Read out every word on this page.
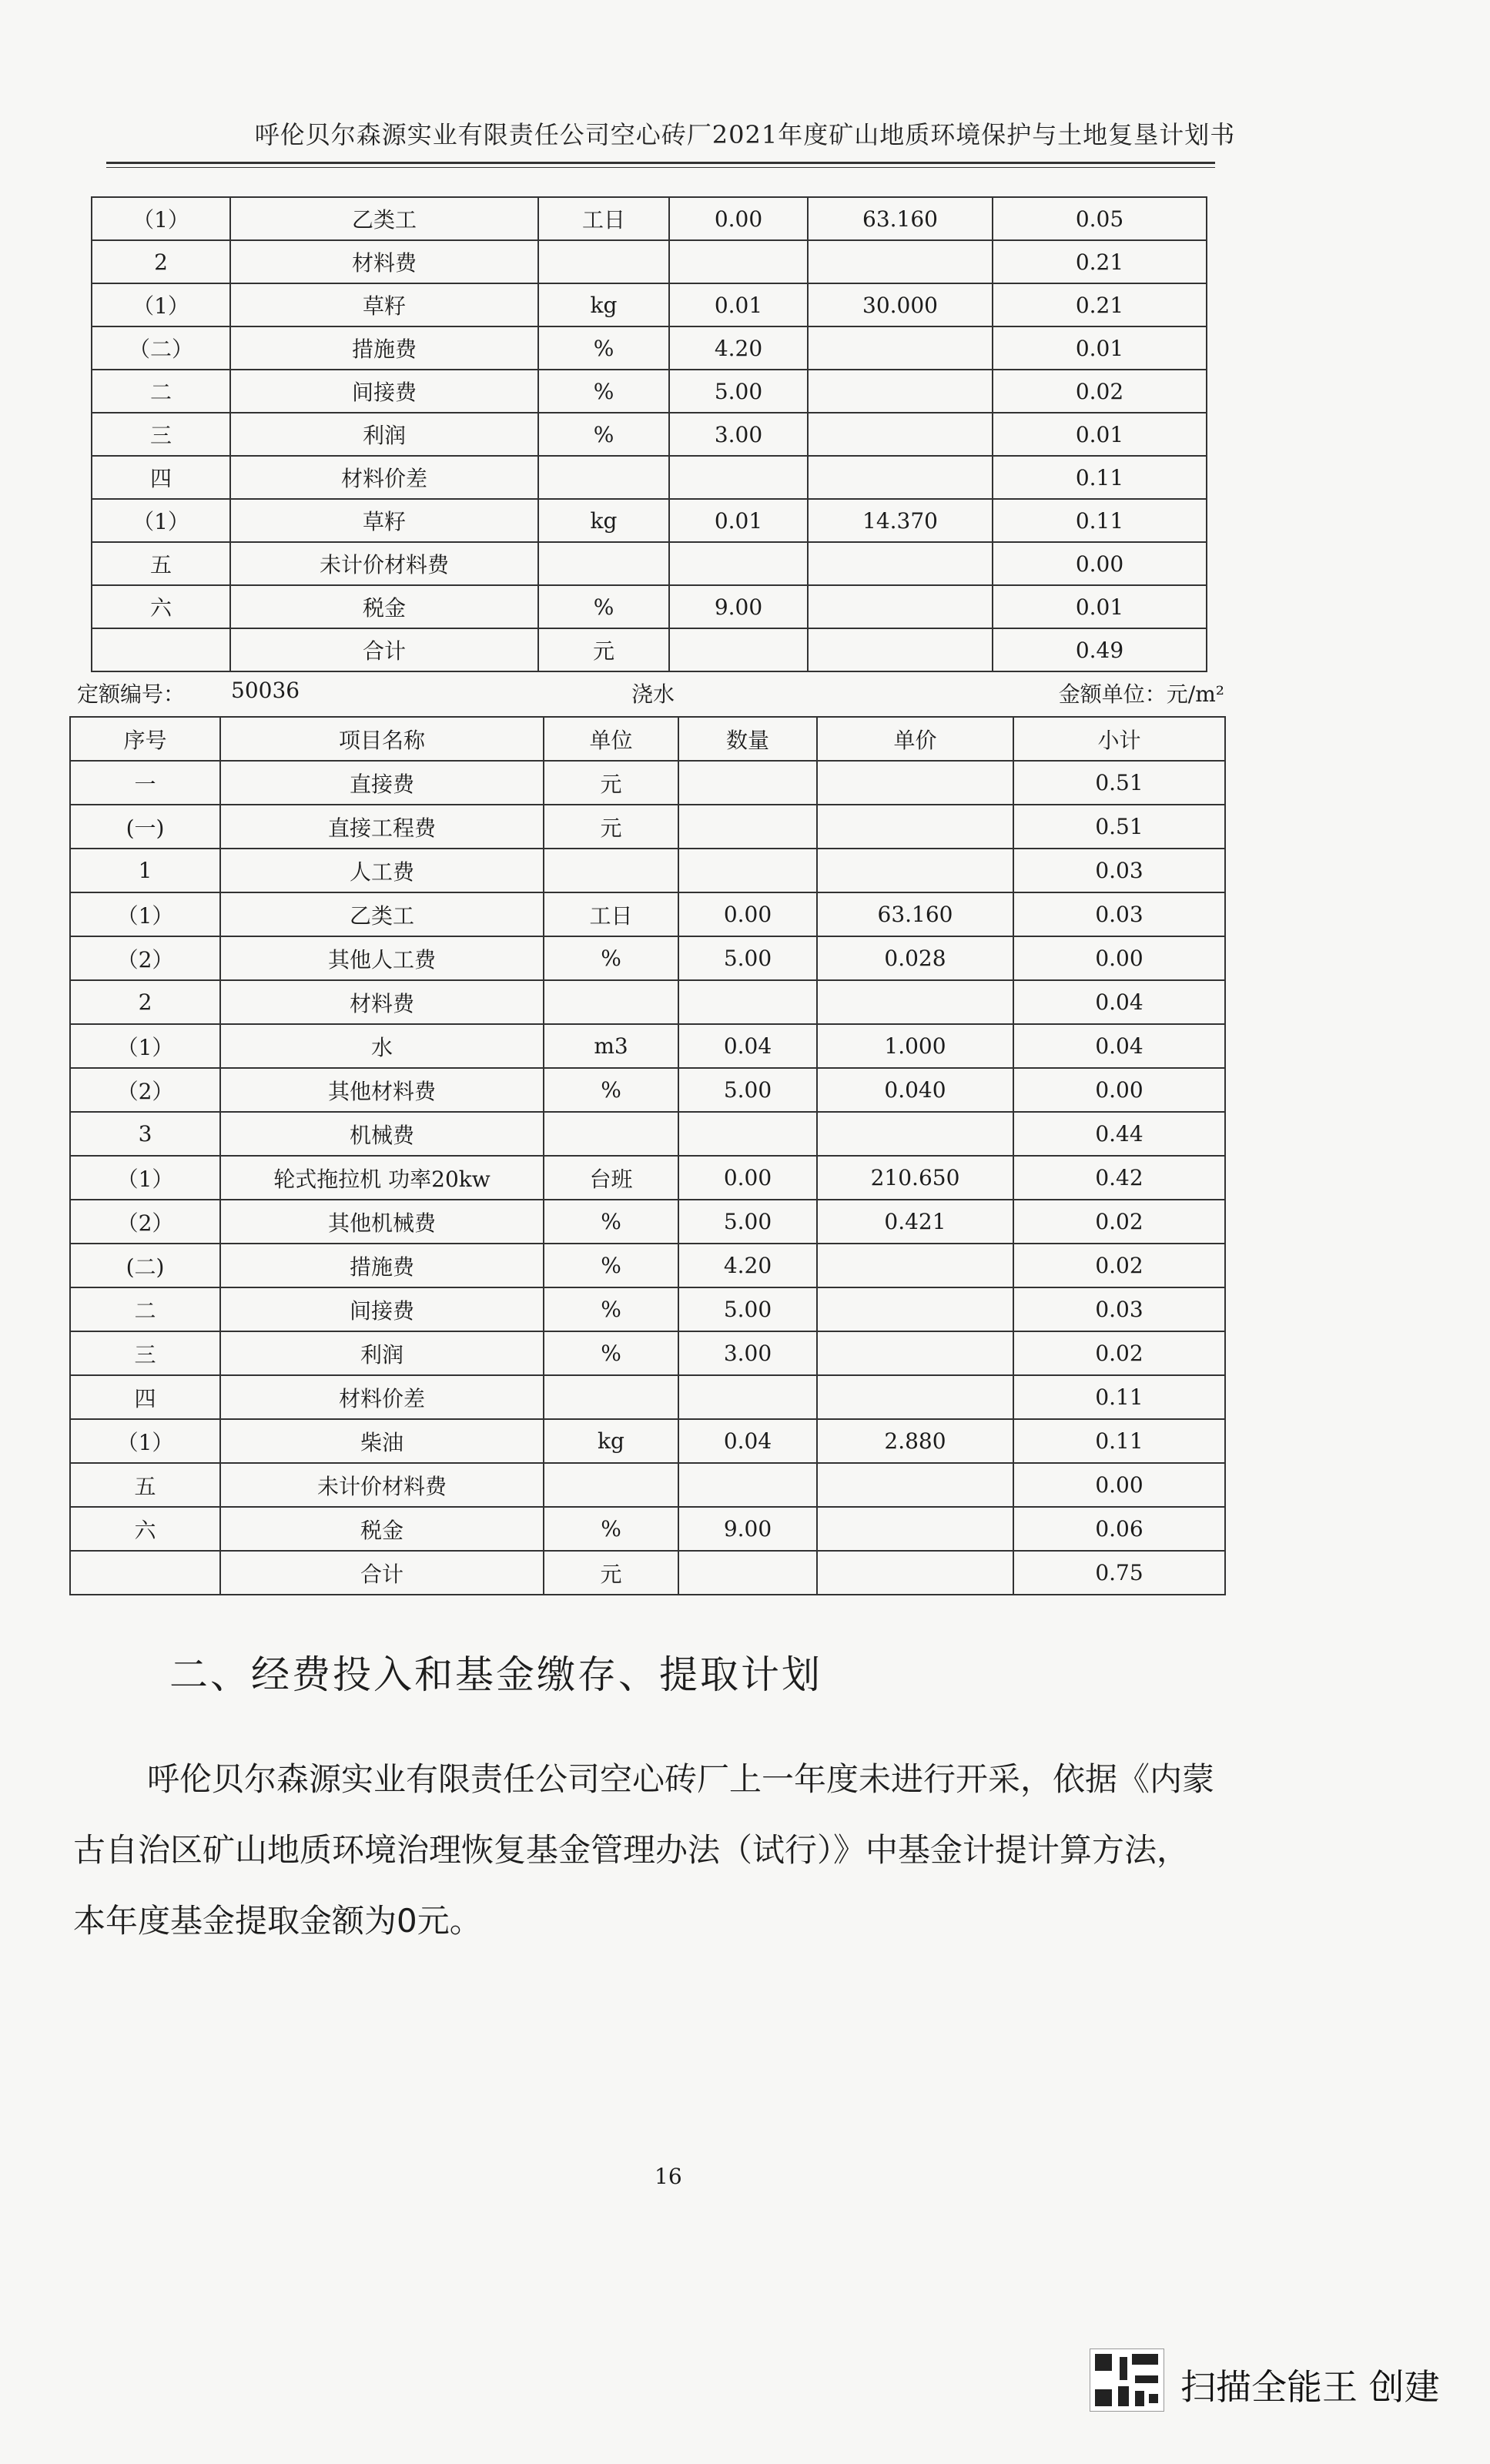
呼伦贝尔森源实业有限责任公司空心砖厂2021年度矿山地质环境保护与土地复垦计划书
（1）	乙类工	工日	0.00	63.160	0.05
2	材料费				0.21
（1）	草籽	kg	0.01	30.000	0.21
（二）	措施费	%	4.20		0.01
二	间接费	%	5.00		0.02
三	利润	%	3.00		0.01
四	材料价差				0.11
（1）	草籽	kg	0.01	14.370	0.11
五	未计价材料费				0.00
六	税金	%	9.00		0.01
	合计	元			0.49
定额编号： 50036	浇水	金额单位：元/m²
序号	项目名称	单位	数量	单价	小计
一	直接费	元			0.51
(一)	直接工程费	元			0.51
1	人工费				0.03
（1）	乙类工	工日	0.00	63.160	0.03
（2）	其他人工费	%	5.00	0.028	0.00
2	材料费				0.04
（1）	水	m3	0.04	1.000	0.04
（2）	其他材料费	%	5.00	0.040	0.00
3	机械费				0.44
（1）	轮式拖拉机 功率20kw	台班	0.00	210.650	0.42
（2）	其他机械费	%	5.00	0.421	0.02
(二)	措施费	%	4.20		0.02
二	间接费	%	5.00		0.03
三	利润	%	3.00		0.02
四	材料价差				0.11
（1）	柴油	kg	0.04	2.880	0.11
五	未计价材料费				0.00
六	税金	%	9.00		0.06
	合计	元			0.75
二、经费投入和基金缴存、提取计划
呼伦贝尔森源实业有限责任公司空心砖厂上一年度未进行开采，依据《内蒙
古自治区矿山地质环境治理恢复基金管理办法（试行）》中基金计提计算方法，
本年度基金提取金额为0元。
16
扫描全能王 创建
